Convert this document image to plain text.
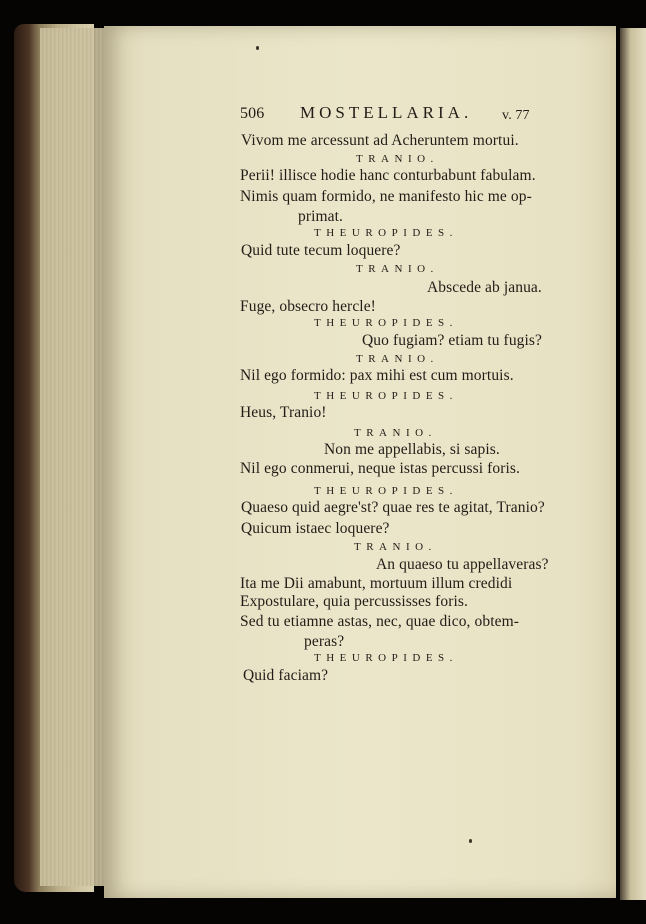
506 MOSTELLARIA. v. 77
Vivom me arcessunt ad Acheruntem mortui.
TRANIO.
Perii! illisce hodie hanc conturbabunt fabulam.
Nimis quam formido, ne manifesto hic me op-
primat.
THEUROPIDES.
Quid tute tecum loquere?
TRANIO.
Abscede ab janua.
Fuge, obsecro hercle!
THEUROPIDES.
Quo fugiam? etiam tu fugis?
TRANIO.
Nil ego formido: pax mihi est cum mortuis.
THEUROPIDES.
Heus, Tranio!
TRANIO.
Non me appellabis, si sapis.
Nil ego conmerui, neque istas percussi foris.
THEUROPIDES.
Quaeso quid aegre'st? quae res te agitat, Tranio?
Quicum istaec loquere?
TRANIO.
An quaeso tu appellaveras?
Ita me Dii amabunt, mortuum illum credidi
Expostulare, quia percussisses foris.
Sed tu etiamne astas, nec, quae dico, obtem-
peras?
THEUROPIDES.
Quid faciam?
